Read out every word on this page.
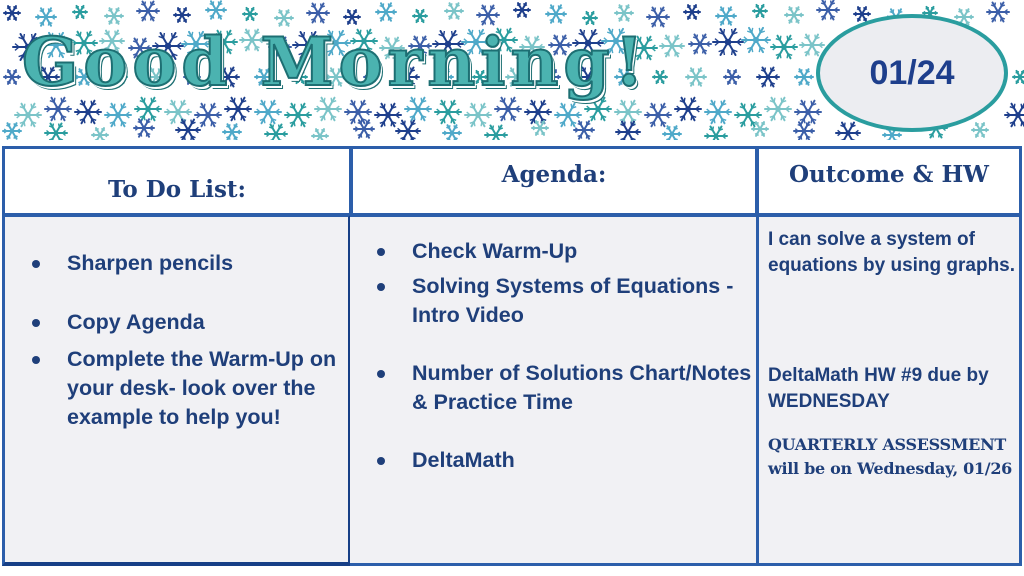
Good Morning!	01/24
To Do List:
Agenda:	Outcome & HW
Sharpen pencils
Copy Agenda
Complete the Warm-Up on your desk- look over the example to help you!
Check Warm-Up
Solving Systems of Equations - Intro Video
Number of Solutions Chart/Notes & Practice Time
DeltaMath
I can solve a system of equations by using graphs.
DeltaMath HW #9 due by WEDNESDAY
QUARTERLY ASSESSMENT will be on Wednesday, 01/26
